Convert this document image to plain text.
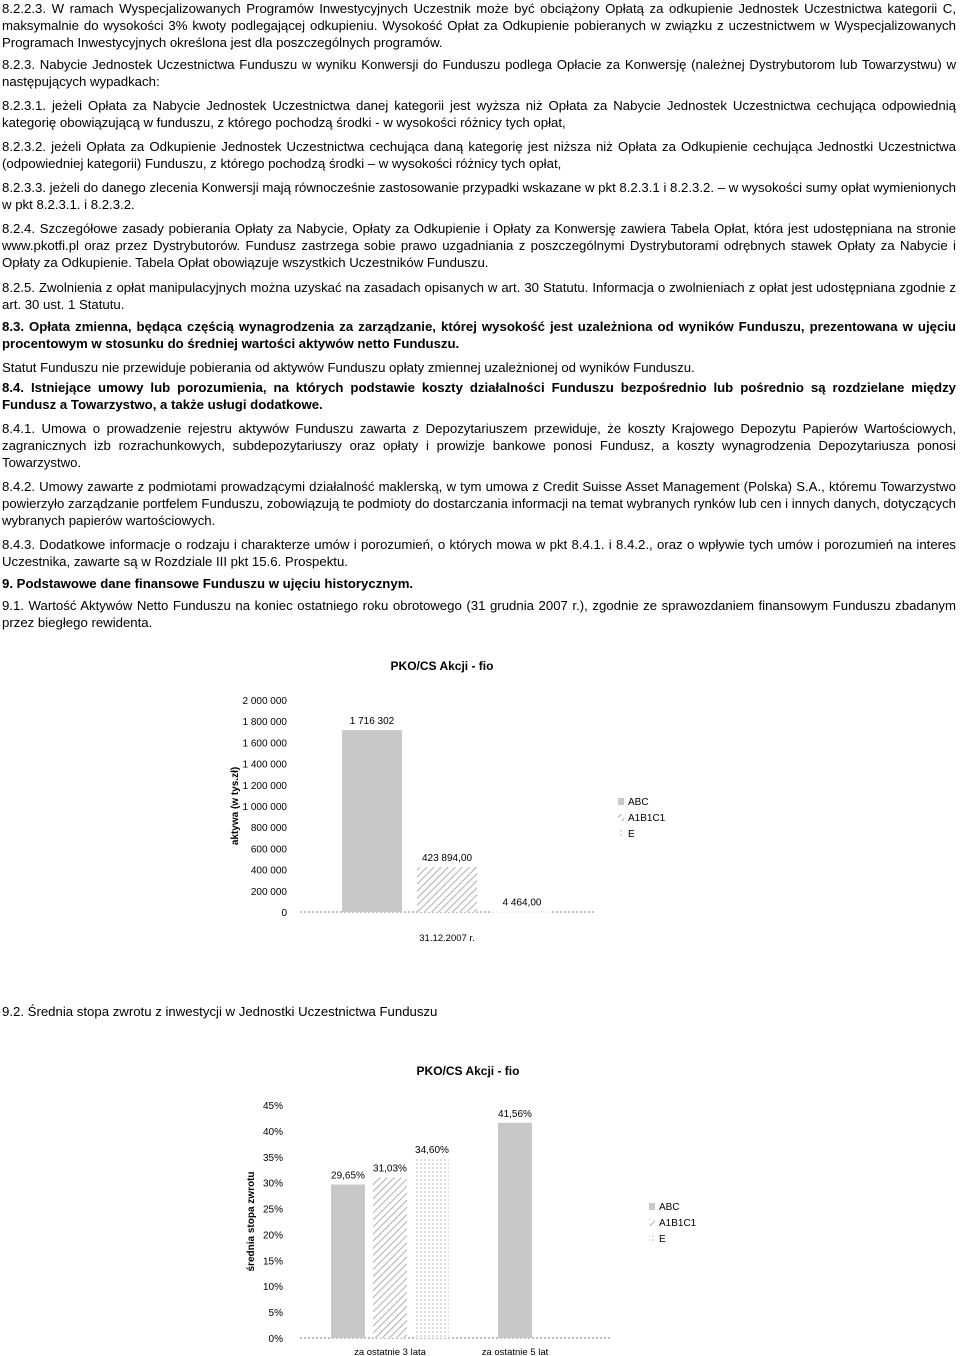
8.2.2.3. W ramach Wyspecjalizowanych Programów Inwestycyjnych Uczestnik może być obciążony Opłatą za odkupienie Jednostek Uczestnictwa kategorii C, maksymalnie do wysokości 3% kwoty podlegającej odkupieniu. Wysokość Opłat za Odkupienie pobieranych w związku z uczestnictwem w Wyspecjalizowanych Programach Inwestycyjnych określona jest dla poszczególnych programów.

8.2.3. Nabycie Jednostek Uczestnictwa Funduszu w wyniku Konwersji do Funduszu podlega Opłacie za Konwersję (należnej Dystrybutorom lub Towarzystwu) w następujących wypadkach:

8.2.3.1. jeżeli Opłata za Nabycie Jednostek Uczestnictwa danej kategorii jest wyższa niż Opłata za Nabycie Jednostek Uczestnictwa cechująca odpowiednią kategorię obowiązującą w funduszu, z którego pochodzą środki - w wysokości różnicy tych opłat,

8.2.3.2. jeżeli Opłata za Odkupienie Jednostek Uczestnictwa cechująca daną kategorię jest niższa niż Opłata za Odkupienie cechująca Jednostki Uczestnictwa (odpowiedniej kategorii) Funduszu, z którego pochodzą środki – w wysokości różnicy tych opłat,

8.2.3.3. jeżeli do danego zlecenia Konwersji mają równocześnie zastosowanie przypadki wskazane w pkt 8.2.3.1 i 8.2.3.2. – w wysokości sumy opłat wymienionych w pkt 8.2.3.1. i 8.2.3.2.

8.2.4. Szczegółowe zasady pobierania Opłaty za Nabycie, Opłaty za Odkupienie i Opłaty za Konwersję zawiera Tabela Opłat, która jest udostępniana na stronie www.pkotfi.pl oraz przez Dystrybutorów. Fundusz zastrzega sobie prawo uzgadniania z poszczególnymi Dystrybutorami odrębnych stawek Opłaty za Nabycie i Opłaty za Odkupienie. Tabela Opłat obowiązuje wszystkich Uczestników Funduszu.

8.2.5. Zwolnienia z opłat manipulacyjnych można uzyskać na zasadach opisanych w art. 30 Statutu. Informacja o zwolnieniach z opłat jest udostępniana zgodnie z art. 30 ust. 1 Statutu.

8.3. Opłata zmienna, będąca częścią wynagrodzenia za zarządzanie, której wysokość jest uzależniona od wyników Funduszu, prezentowana w ujęciu procentowym w stosunku do średniej wartości aktywów netto Funduszu.

Statut Funduszu nie przewiduje pobierania od aktywów Funduszu opłaty zmiennej uzależnionej od wyników Funduszu.

8.4. Istniejące umowy lub porozumienia, na których podstawie koszty działalności Funduszu bezpośrednio lub pośrednio są rozdzielane między Fundusz a Towarzystwo, a także usługi dodatkowe.

8.4.1. Umowa o prowadzenie rejestru aktywów Funduszu zawarta z Depozytariuszem przewiduje, że koszty Krajowego Depozytu Papierów Wartościowych, zagranicznych izb rozrachunkowych, subdepozytariuszy oraz opłaty i prowizje bankowe ponosi Fundusz, a koszty wynagrodzenia Depozytariusza ponosi Towarzystwo.

8.4.2. Umowy zawarte z podmiotami prowadzącymi działalność maklerską, w tym umowa z Credit Suisse Asset Management (Polska) S.A., któremu Towarzystwo powierzyło zarządzanie portfelem Funduszu, zobowiązują te podmioty do dostarczania informacji na temat wybranych rynków lub cen i innych danych, dotyczących wybranych papierów wartościowych.

8.4.3. Dodatkowe informacje o rodzaju i charakterze umów i porozumień, o których mowa w pkt 8.4.1. i 8.4.2., oraz o wpływie tych umów i porozumień na interes Uczestnika, zawarte są w Rozdziale III pkt 15.6. Prospektu.

9. Podstawowe dane finansowe Funduszu w ujęciu historycznym.

9.1. Wartość Aktywów Netto Funduszu na koniec ostatniego roku obrotowego (31 grudnia 2007 r.), zgodnie ze sprawozdaniem finansowym Funduszu zbadanym przez biegłego rewidenta.

PKO/CS Akcji - fio
aktywa (w tys.zł)
0
200 000
400 000
600 000
800 000
1 000 000
1 200 000
1 400 000
1 600 000
1 800 000
2 000 000
1 716 302
423 894,00
4 464,00
31.12.2007 r.
ABC
A1B1C1
E

9.2. Średnia stopa zwrotu z inwestycji w Jednostki Uczestnictwa Funduszu

PKO/CS Akcji - fio
średnia stopa zwrotu
0%
5%
10%
15%
20%
25%
30%
35%
40%
45%
29,65%
41,56%
31,03%
34,60%
za ostatnie 3 lata	za ostatnie 5 lat
ABC
A1B1C1
E
